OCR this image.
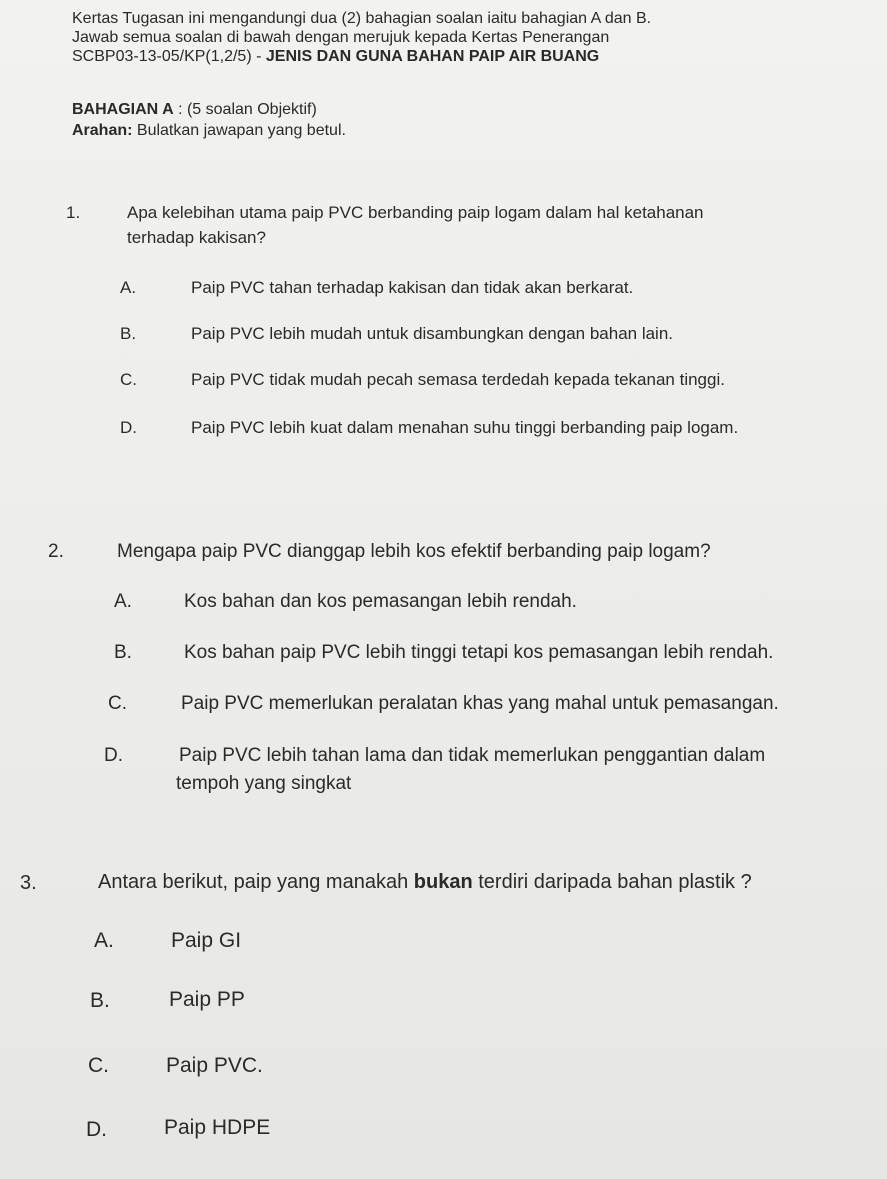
Kertas Tugasan ini mengandungi dua (2) bahagian soalan iaitu bahagian A dan B.
Jawab semua soalan di bawah dengan merujuk kepada Kertas Penerangan
SCBP03-13-05/KP(1,2/5) - JENIS DAN GUNA BAHAN PAIP AIR BUANG
BAHAGIAN A : (5 soalan Objektif)
Arahan: Bulatkan jawapan yang betul.
1.	Apa kelebihan utama paip PVC berbanding paip logam dalam hal ketahanan
terhadap kakisan?
A.	Paip PVC tahan terhadap kakisan dan tidak akan berkarat.
B.	Paip PVC lebih mudah untuk disambungkan dengan bahan lain.
C.	Paip PVC tidak mudah pecah semasa terdedah kepada tekanan tinggi.
D.	Paip PVC lebih kuat dalam menahan suhu tinggi berbanding paip logam.
2.	Mengapa paip PVC dianggap lebih kos efektif berbanding paip logam?
A.	Kos bahan dan kos pemasangan lebih rendah.
B.	Kos bahan paip PVC lebih tinggi tetapi kos pemasangan lebih rendah.
C.	Paip PVC memerlukan peralatan khas yang mahal untuk pemasangan.
D.	Paip PVC lebih tahan lama dan tidak memerlukan penggantian dalam
tempoh yang singkat
3.	Antara berikut, paip yang manakah bukan terdiri daripada bahan plastik ?
A.	Paip GI
B.	Paip PP
C.	Paip PVC.
D.	Paip HDPE
